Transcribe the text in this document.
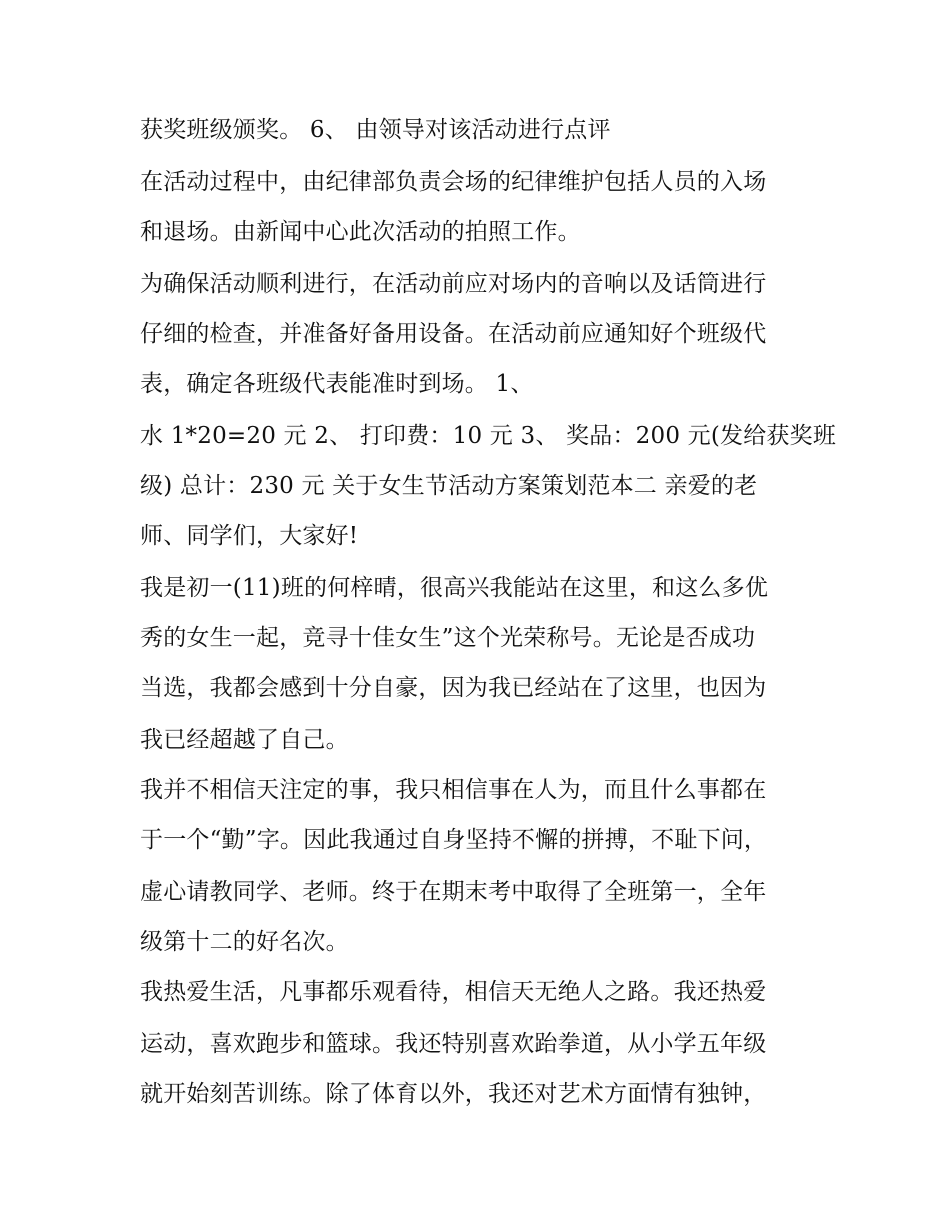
获奖班级颁奖。 6、 由领导对该活动进行点评
在活动过程中，由纪律部负责会场的纪律维护包括人员的入场
和退场。由新闻中心此次活动的拍照工作。
为确保活动顺利进行，在活动前应对场内的音响以及话筒进行
仔细的检查，并准备好备用设备。在活动前应通知好个班级代
表，确定各班级代表能准时到场。 1、
水 1*20=20 元 2、 打印费：10 元 3、 奖品：200 元(发给获奖班
级) 总计：230 元 关于女生节活动方案策划范本二 亲爱的老
师、同学们，大家好!
我是初一(11)班的何梓晴，很高兴我能站在这里，和这么多优
秀的女生一起，竞寻十佳女生”这个光荣称号。无论是否成功
当选，我都会感到十分自豪，因为我已经站在了这里，也因为
我已经超越了自己。
我并不相信天注定的事，我只相信事在人为，而且什么事都在
于一个“勤”字。因此我通过自身坚持不懈的拼搏，不耻下问，
虚心请教同学、老师。终于在期末考中取得了全班第一，全年
级第十二的好名次。
我热爱生活，凡事都乐观看待，相信天无绝人之路。我还热爱
运动，喜欢跑步和篮球。我还特别喜欢跆拳道，从小学五年级
就开始刻苦训练。除了体育以外，我还对艺术方面情有独钟，
